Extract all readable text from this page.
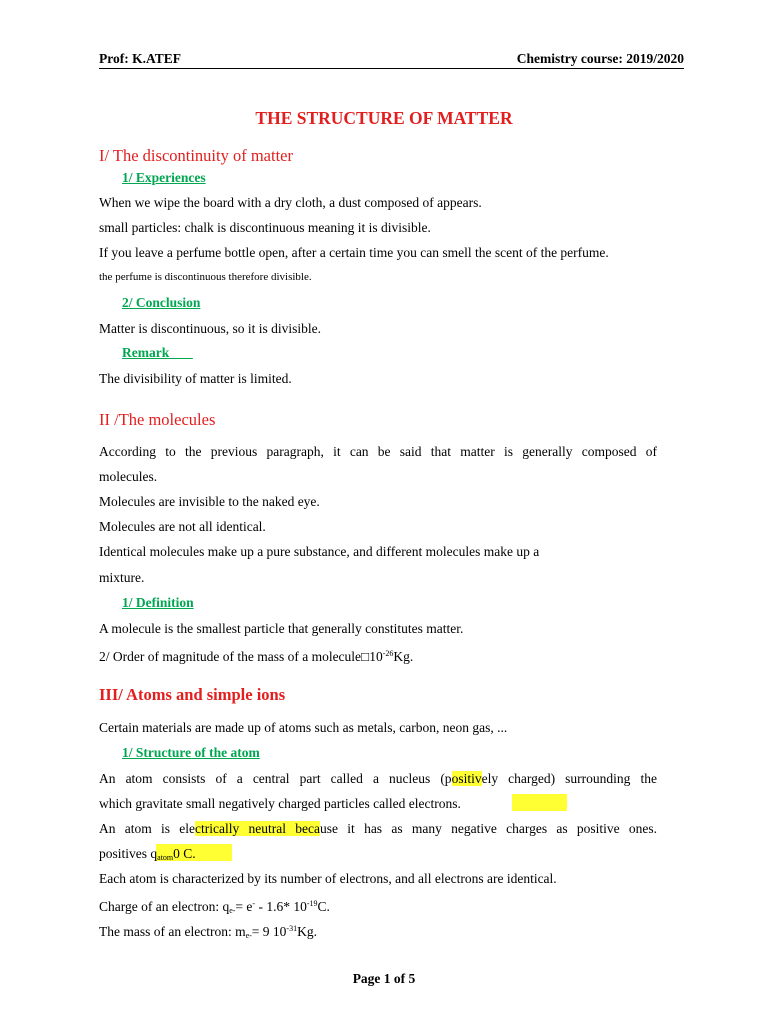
Prof: K.ATEF	Chemistry course: 2019/2020
THE STRUCTURE OF MATTER
I/ The discontinuity of matter
1/ Experiences
When we wipe the board with a dry cloth, a dust composed of appears.
small particles: chalk is discontinuous meaning it is divisible.
If you leave a perfume bottle open, after a certain time you can smell the scent of the perfume.
the perfume is discontinuous therefore divisible.
2/ Conclusion
Matter is discontinuous, so it is divisible.
Remark
The divisibility of matter is limited.
II /The molecules
According to the previous paragraph, it can be said that matter is generally composed of
molecules.
Molecules are invisible to the naked eye.
Molecules are not all identical.
Identical molecules make up a pure substance, and different molecules make up a
mixture.
1/ Definition
A molecule is the smallest particle that generally constitutes matter.
2/ Order of magnitude of the mass of a $molecule□10^{-26}Kg$.
III/ Atoms and simple ions
Certain materials are made up of atoms such as metals, carbon, neon gas, ...
1/ Structure of the atom
An atom consists of a central part called a nucleus (positively charged) surrounding the
which gravitate small negatively charged particles called electrons.
An atom is electrically neutral because it has as many negative charges as positive ones.
positives $q_{atom}0$ C.
Each atom is characterized by its number of electrons, and all electrons are identical.
Charge of an electron: $q_{e-}= e^- - 1.6*$ $10^{-19}C$.
The mass of an electron: $m_{e-}= 9$ $10^{-31}Kg$.
Page 1 of 5
